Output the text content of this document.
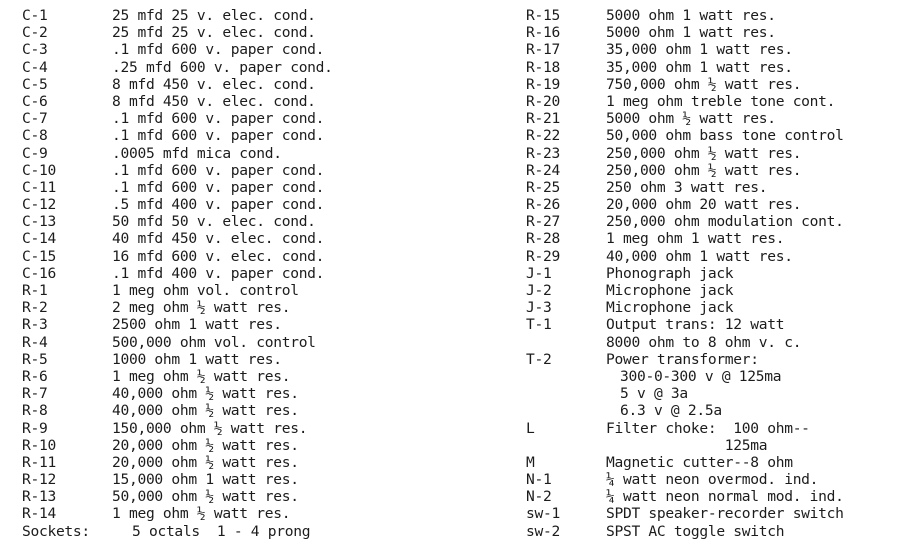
C-1	25 mfd 25 v. elec. cond.
C-2	25 mfd 25 v. elec. cond.
C-3	.1 mfd 600 v. paper cond.
C-4	.25 mfd 600 v. paper cond.
C-5	8 mfd 450 v. elec. cond.
C-6	8 mfd 450 v. elec. cond.
C-7	.1 mfd 600 v. paper cond.
C-8	.1 mfd 600 v. paper cond.
C-9	.0005 mfd mica cond.
C-10	.1 mfd 600 v. paper cond.
C-11	.1 mfd 600 v. paper cond.
C-12	.5 mfd 400 v. paper cond.
C-13	50 mfd 50 v. elec. cond.
C-14	40 mfd 450 v. elec. cond.
C-15	16 mfd 600 v. elec. cond.
C-16	.1 mfd 400 v. paper cond.
R-1	1 meg ohm vol. control
R-2	2 meg ohm ½ watt res.
R-3	2500 ohm 1 watt res.
R-4	500,000 ohm vol. control
R-5	1000 ohm 1 watt res.
R-6	1 meg ohm ½ watt res.
R-7	40,000 ohm ½ watt res.
R-8	40,000 ohm ½ watt res.
R-9	150,000 ohm ½ watt res.
R-10	20,000 ohm ½ watt res.
R-11	20,000 ohm ½ watt res.
R-12	15,000 ohm 1 watt res.
R-13	50,000 ohm ½ watt res.
R-14	1 meg ohm ½ watt res.
Sockets:	5 octals  1 - 4 prong
R-15	5000 ohm 1 watt res.
R-16	5000 ohm 1 watt res.
R-17	35,000 ohm 1 watt res.
R-18	35,000 ohm 1 watt res.
R-19	750,000 ohm ½ watt res.
R-20	1 meg ohm treble tone cont.
R-21	5000 ohm ½ watt res.
R-22	50,000 ohm bass tone control
R-23	250,000 ohm ½ watt res.
R-24	250,000 ohm ½ watt res.
R-25	250 ohm 3 watt res.
R-26	20,000 ohm 20 watt res.
R-27	250,000 ohm modulation cont.
R-28	1 meg ohm 1 watt res.
R-29	40,000 ohm 1 watt res.
J-1	Phonograph jack
J-2	Microphone jack
J-3	Microphone jack
T-1	Output trans: 12 watt
8000 ohm to 8 ohm v. c.
T-2	Power transformer:
300-0-300 v @ 125ma
5 v @ 3a
6.3 v @ 2.5a
L	Filter choke:  100 ohm--
125ma
M	Magnetic cutter--8 ohm
N-1	¼ watt neon overmod. ind.
N-2	¼ watt neon normal mod. ind.
sw-1	SPDT speaker-recorder switch
sw-2	SPST AC toggle switch
